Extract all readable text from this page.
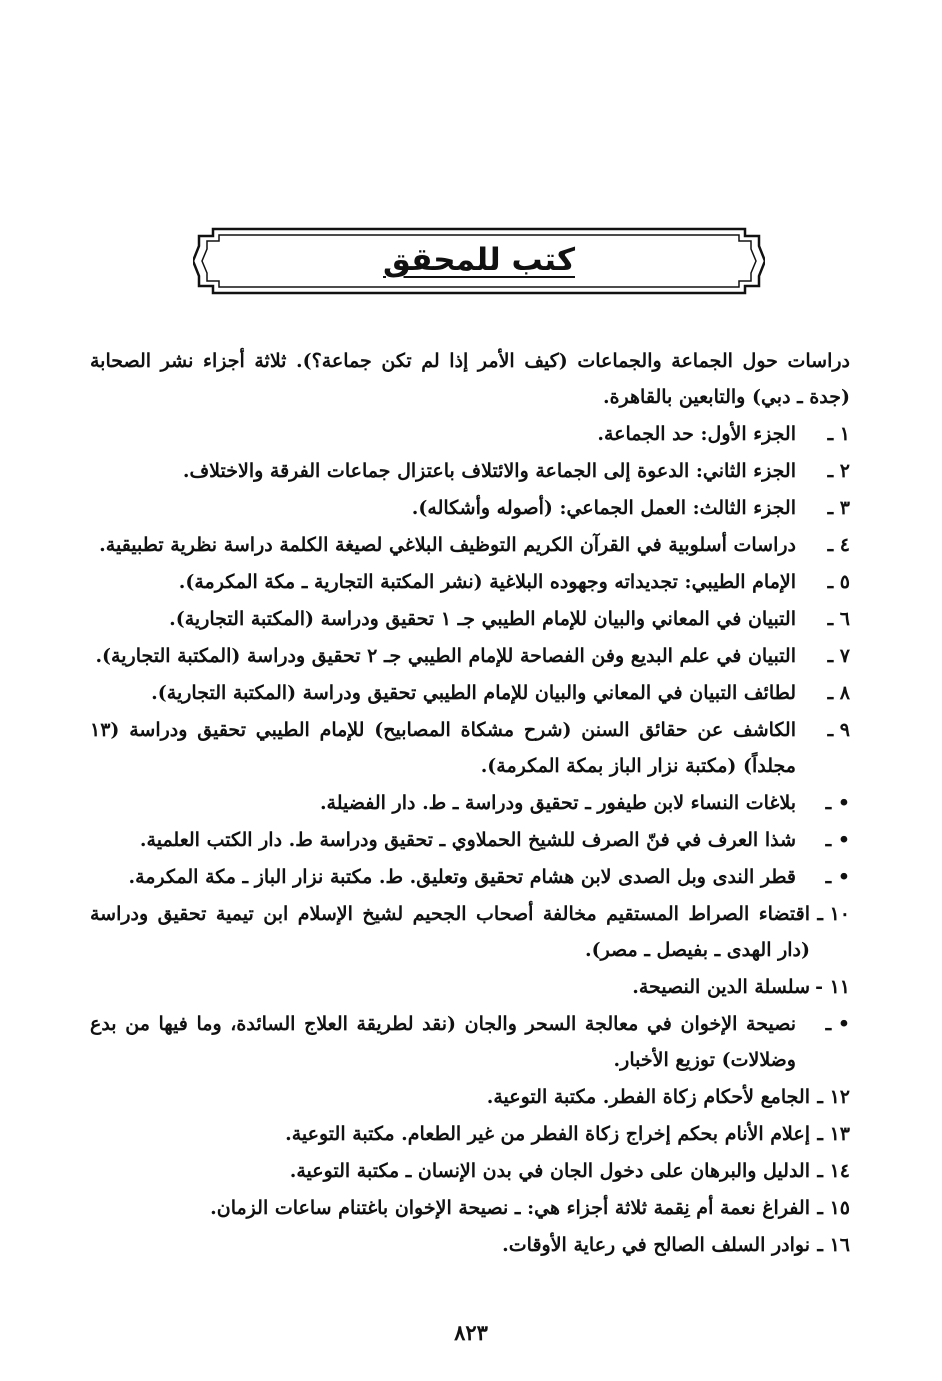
كتب للمحقق

دراسات حول الجماعة والجماعات (كيف الأمر إذا لم تكن جماعة؟). ثلاثة أجزاء نشر الصحابة (جدة ـ دبي) والتابعين بالقاهرة.

١ ـ
الجزء الأول: حد الجماعة.
٢ ـ
الجزء الثاني: الدعوة إلى الجماعة والائتلاف باعتزال جماعات الفرقة والاختلاف.
٣ ـ
الجزء الثالث: العمل الجماعي: (أصوله وأشكاله).
٤ ـ
دراسات أسلوبية في القرآن الكريم التوظيف البلاغي لصيغة الكلمة دراسة نظرية تطبيقية.
٥ ـ
الإمام الطيبي: تجديداته وجهوده البلاغية (نشر المكتبة التجارية ـ مكة المكرمة).
٦ ـ
التبيان في المعاني والبيان للإمام الطيبي جـ ١ تحقيق ودراسة (المكتبة التجارية).
٧ ـ
التبيان في علم البديع وفن الفصاحة للإمام الطيبي جـ ٢ تحقيق ودراسة (المكتبة التجارية).
٨ ـ
لطائف التبيان في المعاني والبيان للإمام الطيبي تحقيق ودراسة (المكتبة التجارية).
٩ ـ
الكاشف عن حقائق السنن (شرح مشكاة المصابيح) للإمام الطيبي تحقيق ودراسة (١٣ مجلداً) (مكتبة نزار الباز بمكة المكرمة).
• ـ
بلاغات النساء لابن طيفور ـ تحقيق ودراسة ـ ط. دار الفضيلة.
• ـ
شذا العرف في فنّ الصرف للشيخ الحملاوي ـ تحقيق ودراسة ط. دار الكتب العلمية.
• ـ
قطر الندى وبل الصدى لابن هشام تحقيق وتعليق. ط. مكتبة نزار الباز ـ مكة المكرمة.
١٠ ـ
اقتضاء الصراط المستقيم مخالفة أصحاب الجحيم لشيخ الإسلام ابن تيمية تحقيق ودراسة (دار الهدى ـ بفيصل ـ مصر).
١١ -
سلسلة الدين النصيحة.
• ـ
نصيحة الإخوان في معالجة السحر والجان (نقد لطريقة العلاج السائدة، وما فيها من بدع وضلالات) توزيع الأخبار.
١٢ ـ
الجامع لأحكام زكاة الفطر. مكتبة التوعية.
١٣ ـ
إعلام الأنام بحكم إخراج زكاة الفطر من غير الطعام. مكتبة التوعية.
١٤ ـ
الدليل والبرهان على دخول الجان في بدن الإنسان ـ مكتبة التوعية.
١٥ ـ
الفراغ نعمة أم نِقمة ثلاثة أجزاء هي: ـ نصيحة الإخوان باغتنام ساعات الزمان.
١٦ ـ
نوادر السلف الصالح في رعاية الأوقات.
٨٢٣
